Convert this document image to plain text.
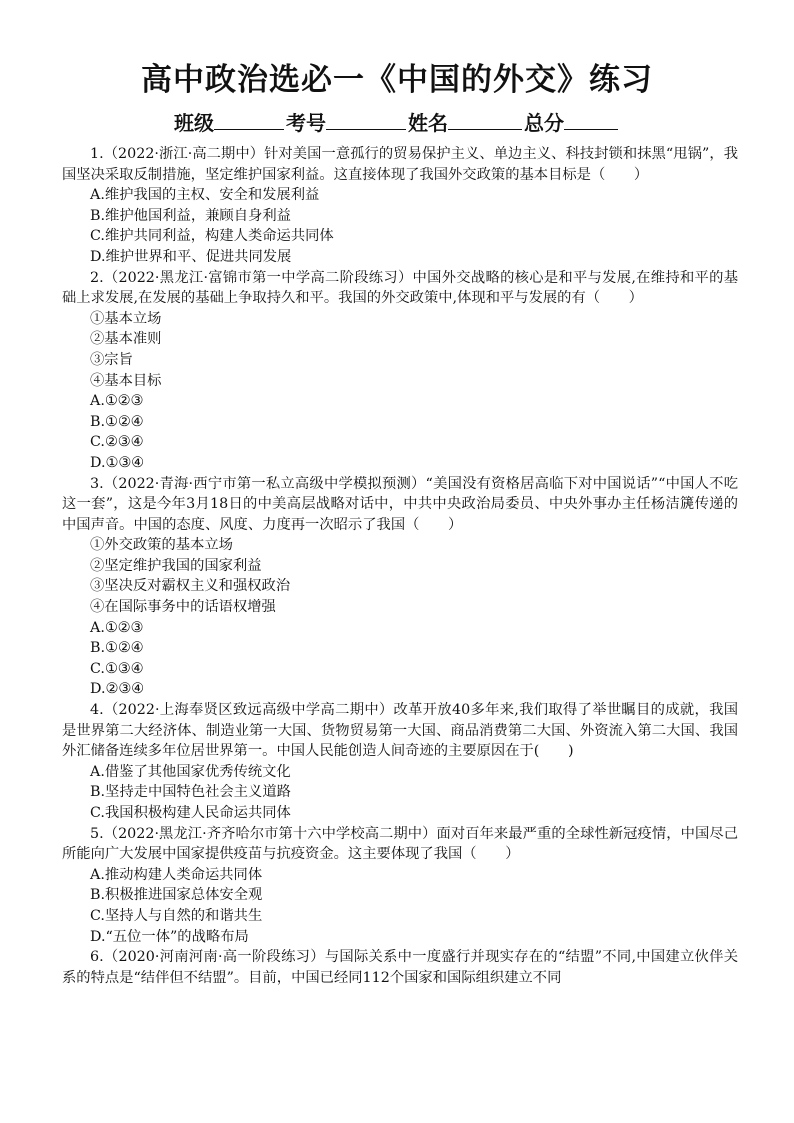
高中政治选必一《中国的外交》练习
班级	考号	姓名	总分

1.（2022·浙江·高二期中）针对美国一意孤行的贸易保护主义、单边主义、科技封锁和抹黑“甩锅”，我国坚决采取反制措施，坚定维护国家利益。这直接体现了我国外交政策的基本目标是（　　）

A.维护我国的主权、安全和发展利益

B.维护他国利益，兼顾自身利益

C.维护共同利益，构建人类命运共同体

D.维护世界和平、促进共同发展

2.（2022·黑龙江·富锦市第一中学高二阶段练习）中国外交战略的核心是和平与发展,在维持和平的基础上求发展,在发展的基础上争取持久和平。我国的外交政策中,体现和平与发展的有（　　）

①基本立场

②基本准则

③宗旨

④基本目标

A.①②③

B.①②④

C.②③④

D.①③④

3.（2022·青海·西宁市第一私立高级中学模拟预测）“美国没有资格居高临下对中国说话”“中国人不吃这一套”，这是今年3月18日的中美高层战略对话中，中共中央政治局委员、中央外事办主任杨洁篪传递的中国声音。中国的态度、风度、力度再一次昭示了我国（　　）

①外交政策的基本立场

②坚定维护我国的国家利益

③坚决反对霸权主义和强权政治

④在国际事务中的话语权增强

A.①②③

B.①②④

C.①③④

D.②③④

4.（2022·上海奉贤区致远高级中学高二期中）改革开放40多年来,我们取得了举世瞩目的成就，我国是世界第二大经济体、制造业第一大国、货物贸易第一大国、商品消费第二大国、外资流入第二大国、我国外汇储备连续多年位居世界第一。中国人民能创造人间奇迹的主要原因在于(　　)

A.借鉴了其他国家优秀传统文化

B.坚持走中国特色社会主义道路

C.我国积极构建人民命运共同体

5.（2022·黑龙江·齐齐哈尔市第十六中学校高二期中）面对百年来最严重的全球性新冠疫情，中国尽己所能向广大发展中国家提供疫苗与抗疫资金。这主要体现了我国（　　）

A.推动构建人类命运共同体

B.积极推进国家总体安全观

C.坚持人与自然的和谐共生

D.“五位一体”的战略布局

6.（2020·河南河南·高一阶段练习）与国际关系中一度盛行并现实存在的“结盟”不同,中国建立伙伴关系的特点是“结伴但不结盟”。目前，中国已经同112个国家和国际组织建立不同
